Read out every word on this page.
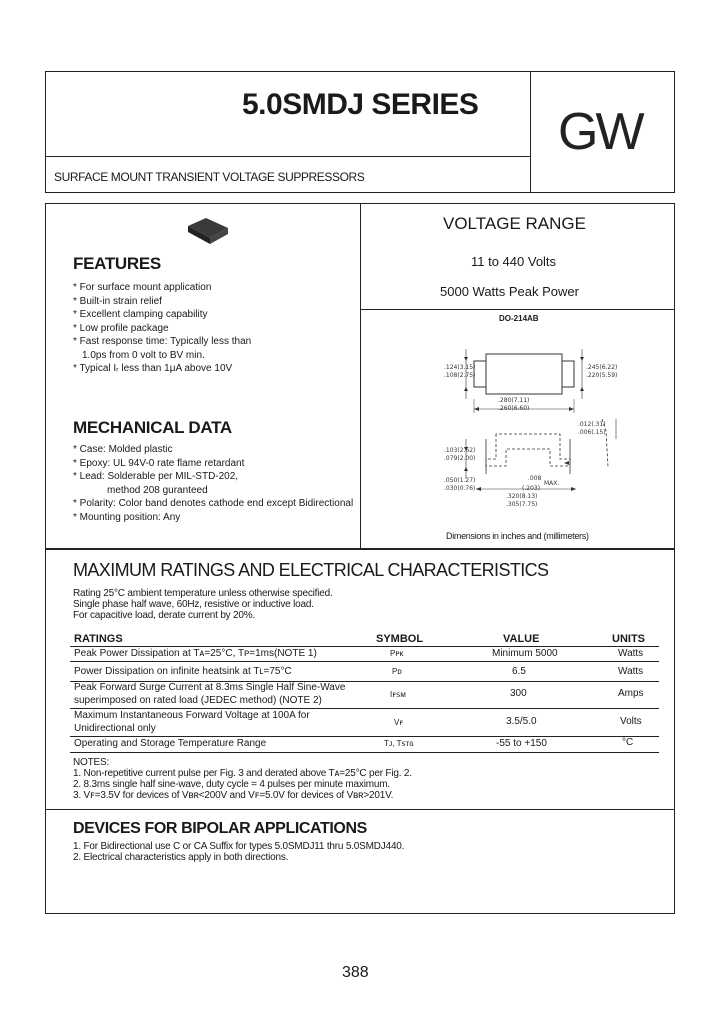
5.0SMDJ SERIES
SURFACE MOUNT TRANSIENT VOLTAGE SUPPRESSORS
GW
FEATURES
* For surface mount application
* Built-in strain relief
* Excellent clamping capability
* Low profile package
* Fast response time: Typically less than
1.0ps from 0 volt to BV min.
* Typical Iᵣ less than 1μA above 10V
MECHANICAL DATA
* Case: Molded plastic
* Epoxy: UL 94V-0 rate flame retardant
* Lead: Solderable per MIL-STD-202,
method 208 guranteed
* Polarity: Color band denotes cathode end except Bidirectional
* Mounting position: Any
VOLTAGE RANGE
11 to 440 Volts
5000 Watts Peak Power
DO-214AB
.124(3.15)
.108(2.75)
.245(6.22)
.220(5.59)
.280(7.11)
.260(6.60)
.012(.31)
.006(.15)
.103(2.62)
.079(2.00)
.050(1.27)
.030(0.76)
.008
MAX.
(.203)
.320(8.13)
.305(7.75)
Dimensions in inches and (millimeters)
MAXIMUM RATINGS AND ELECTRICAL CHARACTERISTICS
Rating 25°C ambient temperature unless otherwise specified.
Single phase half wave, 60Hz, resistive or inductive load.
For capacitive load, derate current by 20%.
RATINGS	SYMBOL	VALUE	UNITS
Peak Power Dissipation at Tᴀ=25°C, Tᴘ=1ms(NOTE 1)	Pᴘᴋ	Minimum 5000	Watts
Power Dissipation on infinite heatsink at Tʟ=75°C	Pᴅ	6.5	Watts
Peak Forward Surge Current at 8.3ms Single Half Sine-Wave
superimposed on rated load (JEDEC method) (NOTE 2)
Iꜰꜱᴍ	300	Amps
Maximum Instantaneous Forward Voltage at 100A for
Unidirectional only
Vꜰ	3.5/5.0	Volts
Operating and Storage Temperature Range	Tᴊ, Tꜱᴛɢ	-55 to +150	°C
NOTES:
1. Non-repetitive current pulse per Fig. 3 and derated above Tᴀ=25°C per Fig. 2.
2. 8.3ms single half sine-wave, duty cycle = 4 pulses per minute maximum.
3. Vꜰ=3.5V for devices of Vʙʀ<200V and Vꜰ=5.0V for devices of Vʙʀ>201V.
DEVICES FOR BIPOLAR APPLICATIONS
1. For Bidirectional use C or CA Suffix for types 5.0SMDJ11 thru 5.0SMDJ440.
2. Electrical characteristics apply in both directions.
388
